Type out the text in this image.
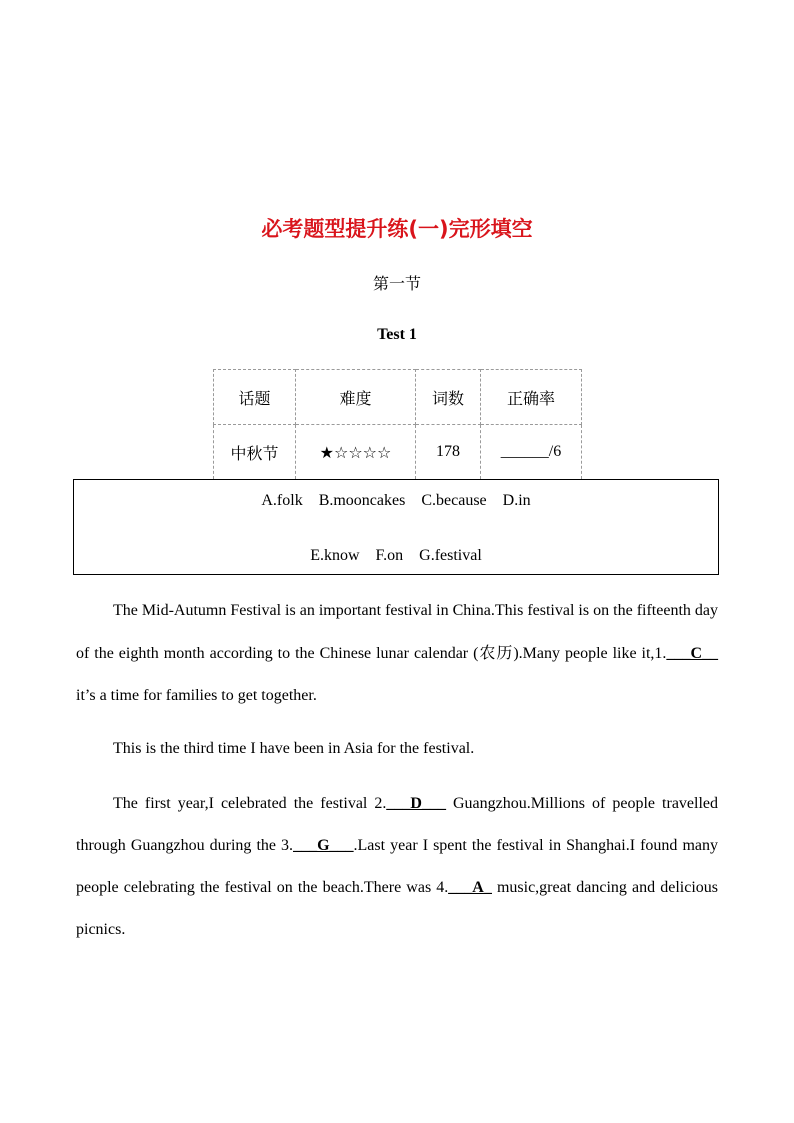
必考题型提升练(一)完形填空
第一节
Test 1
话题	难度	词数	正确率
中秋节	★☆☆☆☆	178	______/6
A.folk    B.mooncakes    C.because    D.in
E.know    F.on    G.festival
The Mid-Autumn Festival is an important festival in China.This festival is on the fifteenth day of the eighth month according to the Chinese lunar calendar (农历).Many people like it,1.___C__ it’s a time for families to get together.
This is the third time I have been in Asia for the festival.
The first year,I celebrated the festival 2.___D___ Guangzhou.Millions of people travelled through Guangzhou during the 3.___G___.Last year I spent the festival in Shanghai.I found many people celebrating the festival on the beach.There was 4.___A_ music,great dancing and delicious picnics.
